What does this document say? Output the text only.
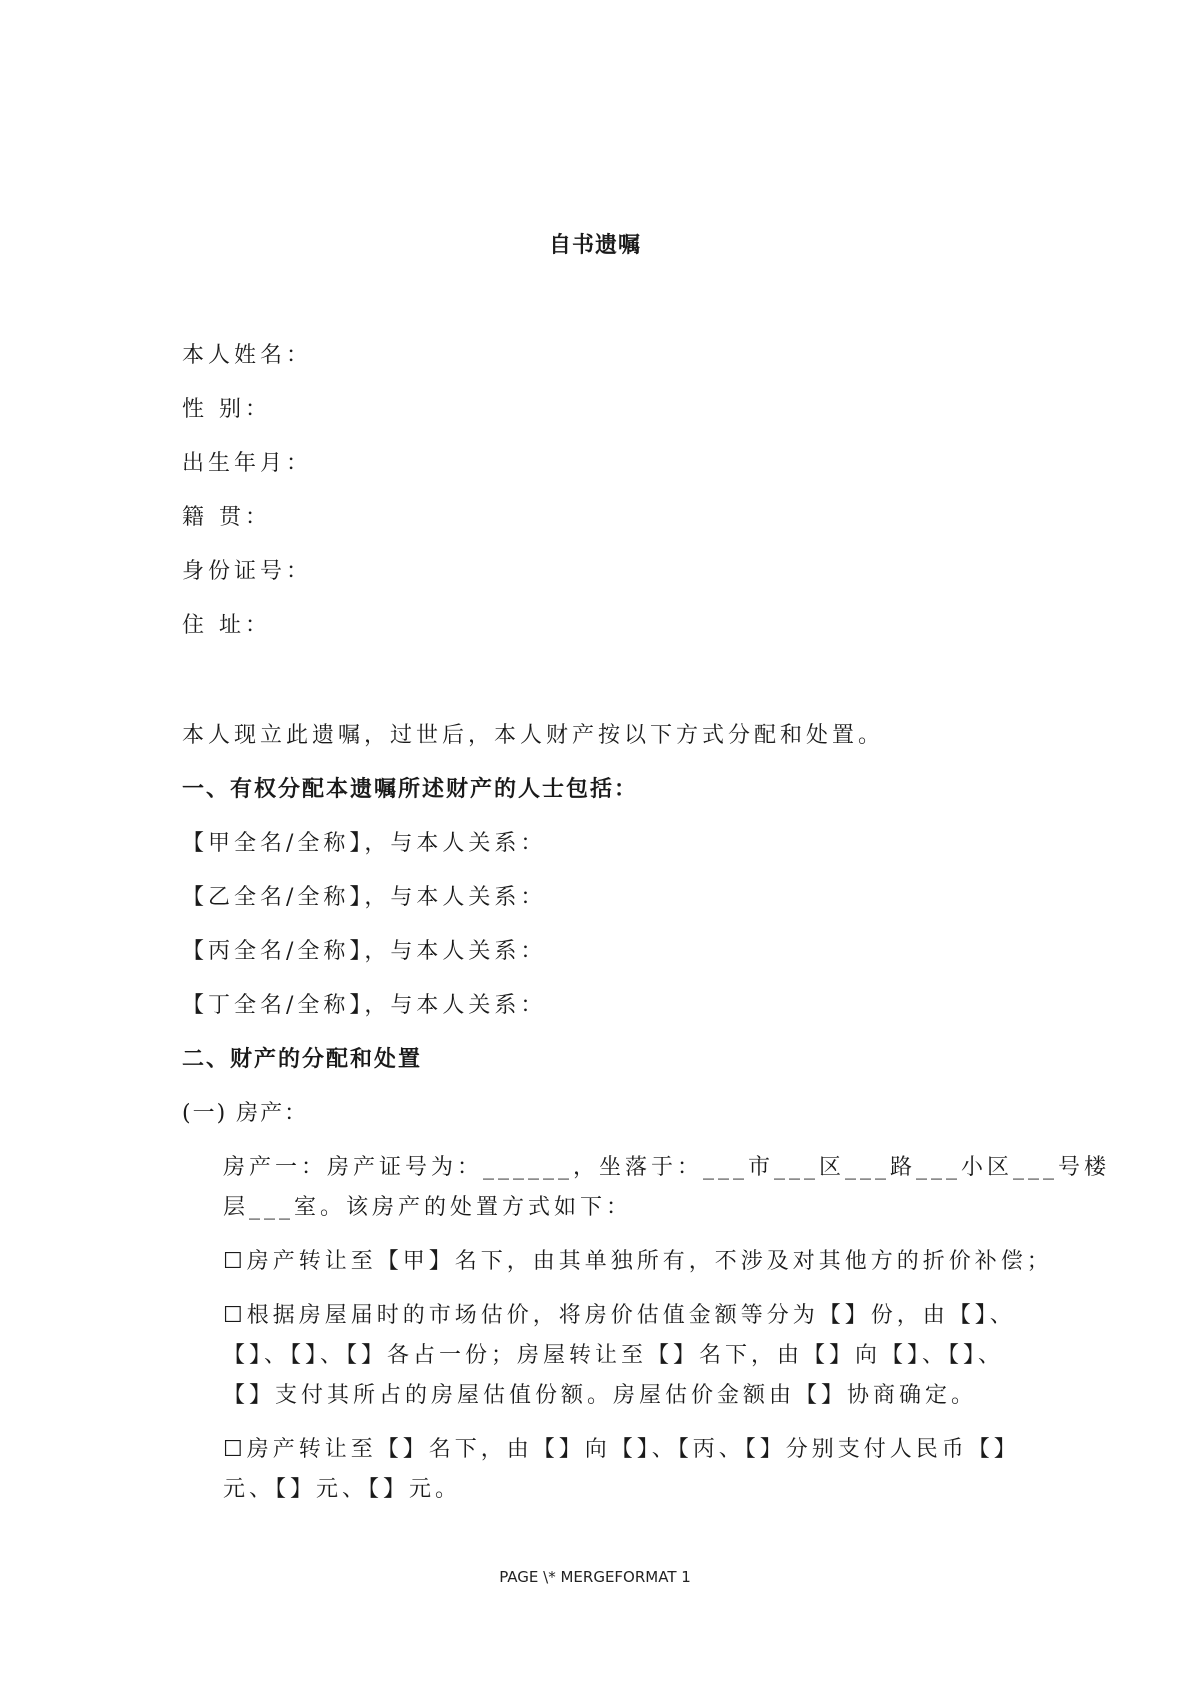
自书遗嘱
本人姓名：
性 别：
出生年月：
籍 贯：
身份证号：
住 址：
本人现立此遗嘱，过世后，本人财产按以下方式分配和处置。
一、有权分配本遗嘱所述财产的人士包括：
【甲全名/全称】，与本人关系：
【乙全名/全称】，与本人关系：
【丙全名/全称】，与本人关系：
【丁全名/全称】，与本人关系：
二、财产的分配和处置
(一) 房产：
房产一：房产证号为：______，坐落于：___市___区___路___小区___号楼
层___室。该房产的处置方式如下：
☐房产转让至【甲】名下，由其单独所有，不涉及对其他方的折价补偿；
☐根据房屋届时的市场估价，将房价估值金额等分为【】份，由【】、
【】、【】、【】各占一份；房屋转让至【】名下，由【】向【】、【】、
【】支付其所占的房屋估值份额。房屋估价金额由【】协商确定。
☐房产转让至【】名下，由【】向【】、【丙、【】分别支付人民币【】
元、【】元、【】元。
PAGE \* MERGEFORMAT 1
